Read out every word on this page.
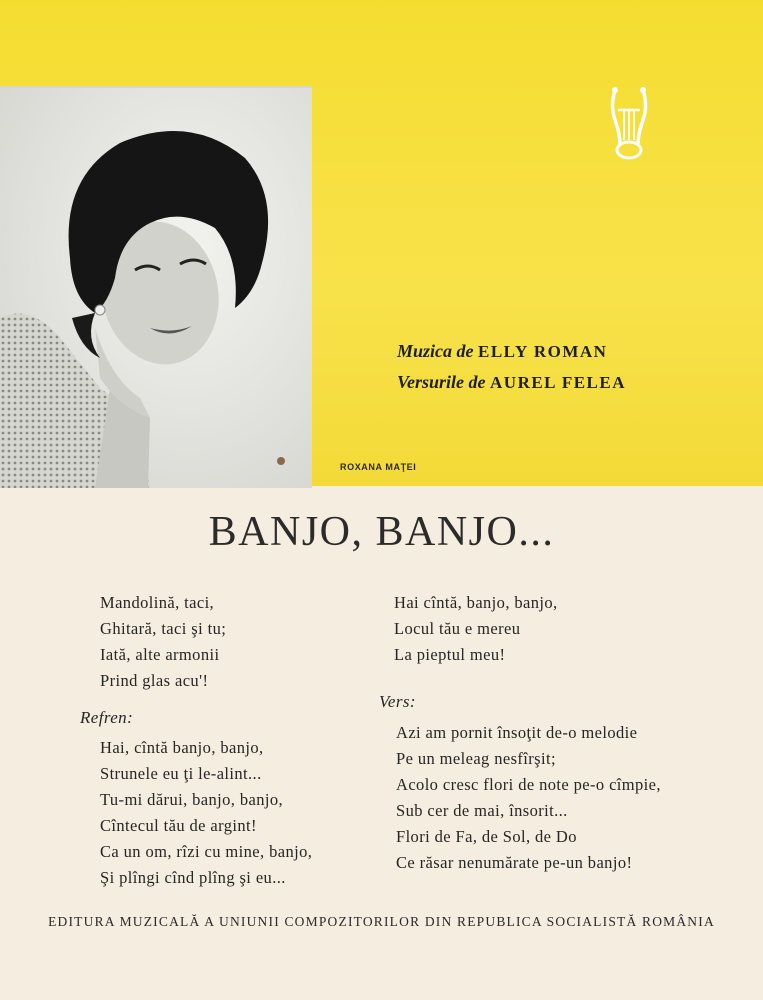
Muzica de ELLY ROMAN
Versurile de AUREL FELEA
ROXANA MAŢEI
BANJO, BANJO...
Mandolină, taci,
Ghitară, taci şi tu;
Iată, alte armonii
Prind glas acu'!
Refren:
Hai, cîntă banjo, banjo,
Strunele eu ţi le-alint...
Tu-mi dărui, banjo, banjo,
Cîntecul tău de argint!
Ca un om, rîzi cu mine, banjo,
Şi plîngi cînd plîng şi eu...
Hai cîntă, banjo, banjo,
Locul tău e mereu
La pieptul meu!
Vers:
Azi am pornit însoţit de-o melodie
Pe un meleag nesfîrşit;
Acolo cresc flori de note pe-o cîmpie,
Sub cer de mai, însorit...
Flori de Fa, de Sol, de Do
Ce răsar nenumărate pe-un banjo!
EDITURA MUZICALĂ A UNIUNII COMPOZITORILOR DIN REPUBLICA SOCIALISTĂ ROMÂNIA
